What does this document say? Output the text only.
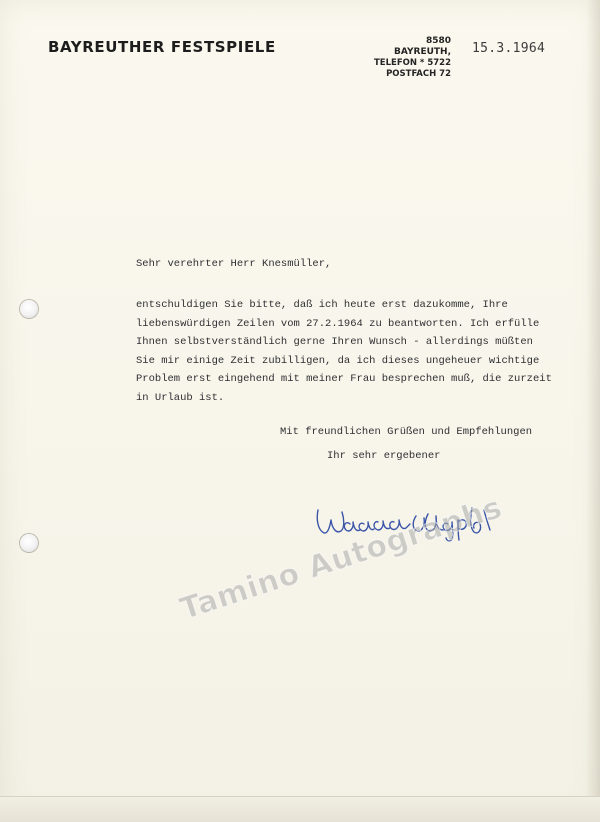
BAYREUTHER FESTSPIELE	8580 BAYREUTH,
TELEFON * 5722
POSTFACH 72
15.3.1964
Sehr verehrter Herr Knesmüller,
entschuldigen Sie bitte, daß ich heute erst dazukomme, Ihre
liebenswürdigen Zeilen vom 27.2.1964 zu beantworten. Ich erfülle
Ihnen selbstverständlich gerne Ihren Wunsch - allerdings müßten
Sie mir einige Zeit zubilligen, da ich dieses ungeheuer wichtige
Problem erst eingehend mit meiner Frau besprechen muß, die zurzeit
in Urlaub ist.
Mit freundlichen Grüßen und Empfehlungen
Ihr sehr ergebener
Tamino Autographs
